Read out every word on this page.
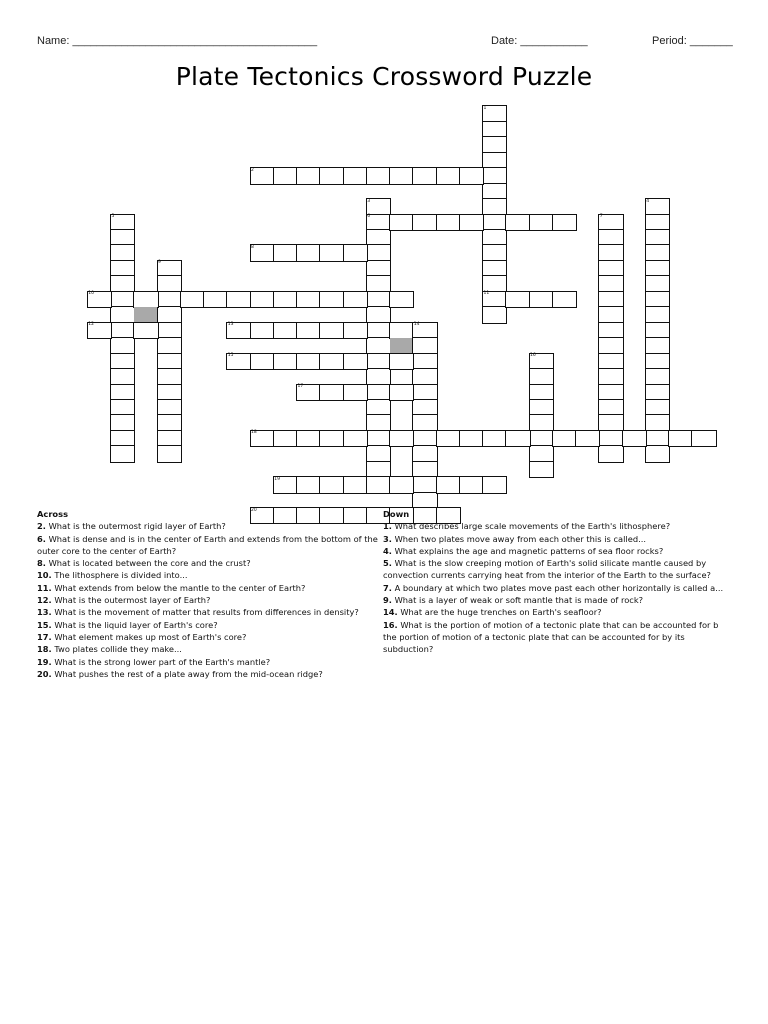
Name: ________________________________________	Date: ___________	Period: _______
Plate Tectonics Crossword Puzzle
1
2
3	4
5	6	7
8
9
10	11
12	13	14
15	16
17
18
19
20
Across
2. What is the outermost rigid layer of Earth?
6. What is dense and is in the center of Earth and extends from the bottom of the outer core to the center of Earth?
8. What is located between the core and the crust?
10. The lithosphere is divided into...
11. What extends from below the mantle to the center of Earth?
12. What is the outermost layer of Earth?
13. What is the movement of matter that results from differences in density?
15. What is the liquid layer of Earth's core?
17. What element makes up most of Earth's core?
18. Two plates collide they make...
19. What is the strong lower part of the Earth's mantle?
20. What pushes the rest of a plate away from the mid-ocean ridge?
Down
1. What describes large scale movements of the Earth's lithosphere?
3. When two plates move away from each other this is called...
4. What explains the age and magnetic patterns of sea floor rocks?
5. What is the slow creeping motion of Earth's solid silicate mantle caused by convection currents carrying heat from the interior of the Earth to the surface?
7. A boundary at which two plates move past each other horizontally is called a...
9. What is a layer of weak or soft mantle that is made of rock?
14. What are the huge trenches on Earth's seafloor?
16. What is the portion of motion of a tectonic plate that can be accounted for b the portion of motion of a tectonic plate that can be accounted for by its subduction?
